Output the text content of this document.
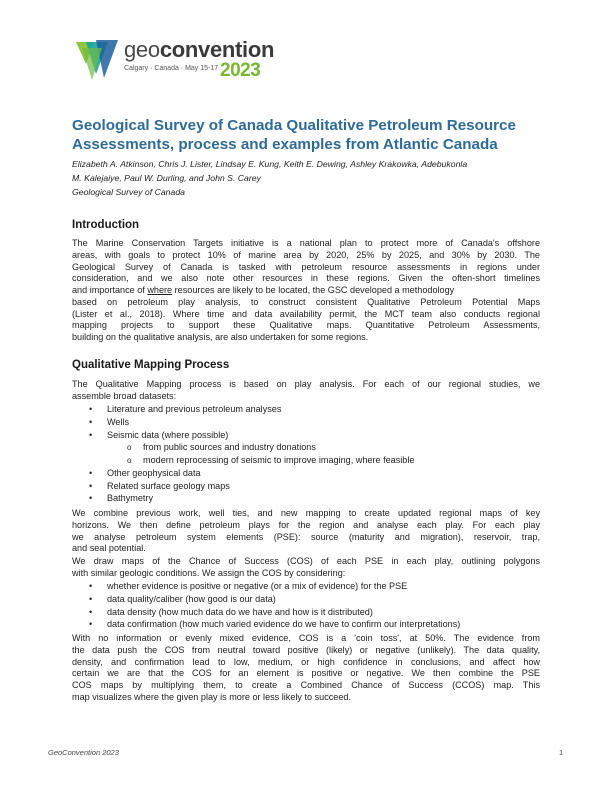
geoconvention
Calgary · Canada · May 15-17 2023
Geological Survey of Canada Qualitative Petroleum Resource
Assessments, process and examples from Atlantic Canada
Elizabeth A. Atkinson, Chris J. Lister, Lindsay E. Kung, Keith E. Dewing, Ashley Krakowka, Adebukonla
M. Kalejaiye, Paul W. Durling, and John S. Carey
Geological Survey of Canada
Introduction
The Marine Conservation Targets initiative is a national plan to protect more of Canada's offshore
areas, with goals to protect 10% of marine area by 2020, 25% by 2025, and 30% by 2030. The
Geological Survey of Canada is tasked with petroleum resource assessments in regions under
consideration, and we also note other resources in these regions. Given the often-short timelines
and importance of where resources are likely to be located, the GSC developed a methodology
based on petroleum play analysis, to construct consistent Qualitative Petroleum Potential Maps
(Lister et al., 2018). Where time and data availability permit, the MCT team also conducts regional
mapping projects to support these Qualitative maps. Quantitative Petroleum Assessments,
building on the qualitative analysis, are also undertaken for some regions.
Qualitative Mapping Process
The Qualitative Mapping process is based on play analysis. For each of our regional studies, we
assemble broad datasets:
• Literature and previous petroleum analyses
• Wells
• Seismic data (where possible)
o from public sources and industry donations
o modern reprocessing of seismic to improve imaging, where feasible
• Other geophysical data
• Related surface geology maps
• Bathymetry
We combine previous work, well ties, and new mapping to create updated regional maps of key
horizons. We then define petroleum plays for the region and analyse each play. For each play
we analyse petroleum system elements (PSE): source (maturity and migration), reservoir, trap,
and seal potential.
We draw maps of the Chance of Success (COS) of each PSE in each play, outlining polygons
with similar geologic conditions. We assign the COS by considering:
• whether evidence is positive or negative (or a mix of evidence) for the PSE
• data quality/caliber (how good is our data)
• data density (how much data do we have and how is it distributed)
• data confirmation (how much varied evidence do we have to confirm our interpretations)
With no information or evenly mixed evidence, COS is a 'coin toss', at 50%. The evidence from
the data push the COS from neutral toward positive (likely) or negative (unlikely). The data quality,
density, and confirmation lead to low, medium, or high confidence in conclusions, and affect how
certain we are that the COS for an element is positive or negative. We then combine the PSE
COS maps by multiplying them, to create a Combined Chance of Success (CCOS) map. This
map visualizes where the given play is more or less likely to succeed.
GeoConvention 2023	1
